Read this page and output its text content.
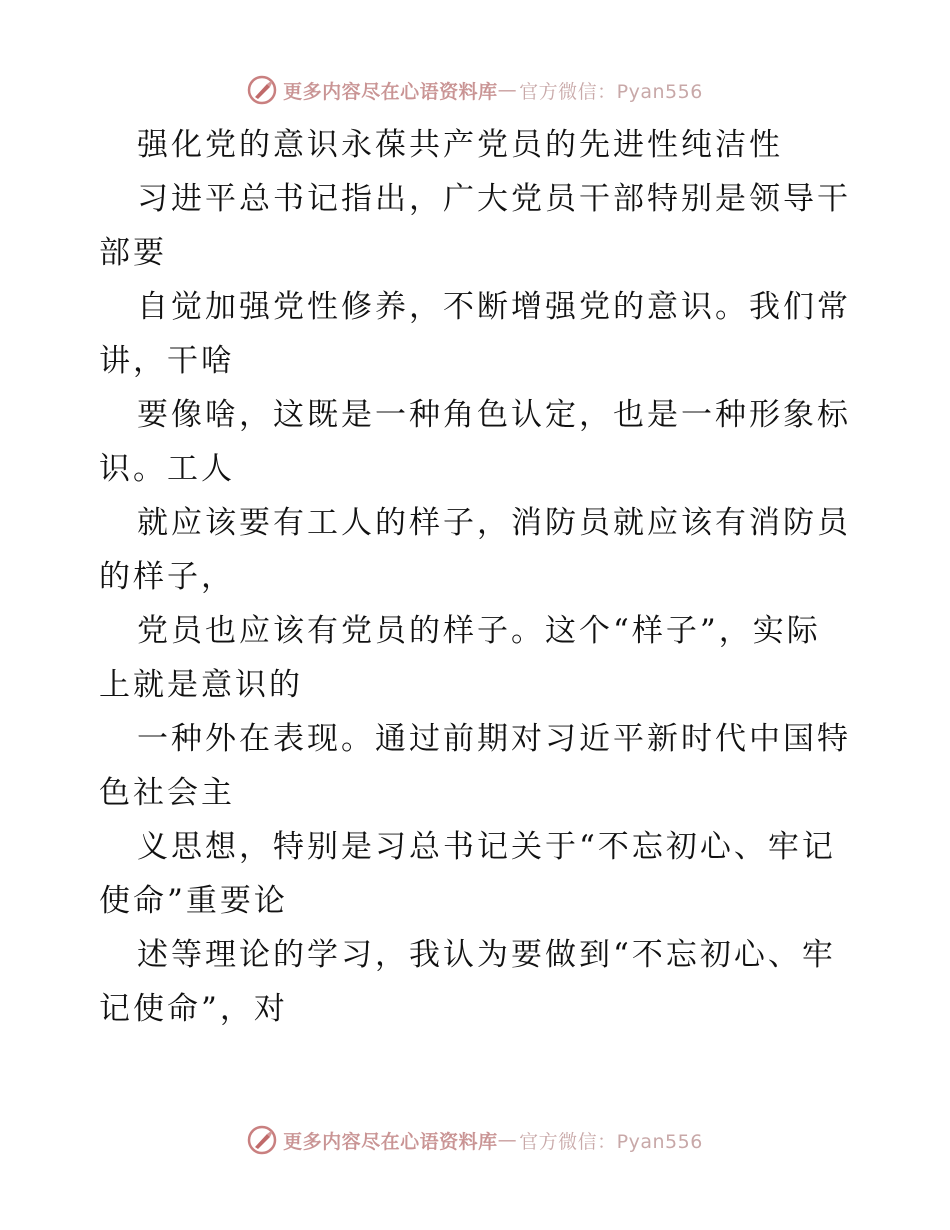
更多内容尽在心语资料库 — 官方微信：Pyan556
强化党的意识永葆共产党员的先进性纯洁性
习进平总书记指出，广大党员干部特别是领导干
部要
自觉加强党性修养，不断增强党的意识。我们常
讲，干啥
要像啥，这既是一种角色认定，也是一种形象标
识。工人
就应该要有工人的样子，消防员就应该有消防员
的样子，
党员也应该有党员的样子。这个“样子”，实际
上就是意识的
一种外在表现。通过前期对习近平新时代中国特
色社会主
义思想，特别是习总书记关于“不忘初心、牢记
使命”重要论
述等理论的学习，我认为要做到“不忘初心、牢
记使命”，对
更多内容尽在心语资料库 — 官方微信：Pyan556
